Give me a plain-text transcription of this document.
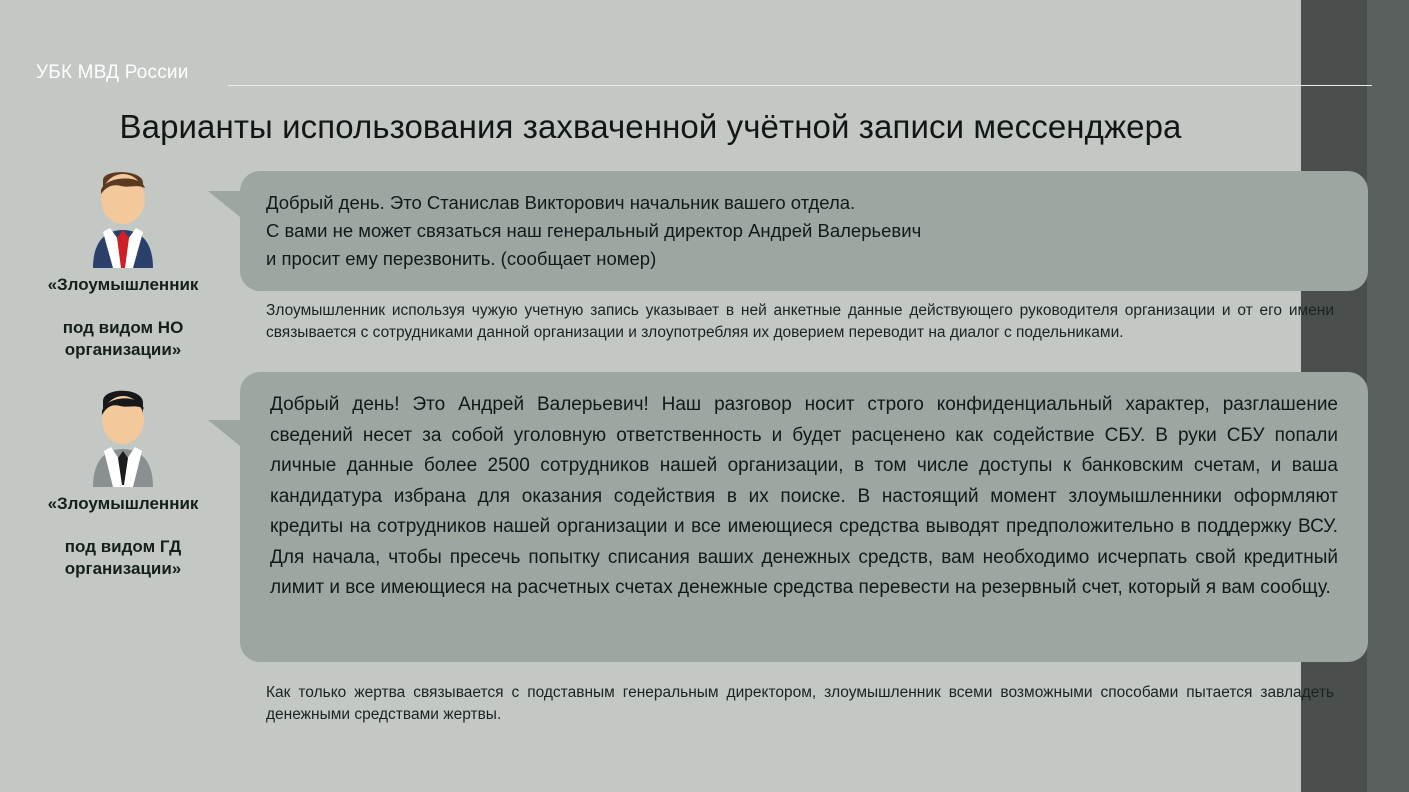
УБК МВД России
Варианты использования захваченной учётной записи мессенджера
«Злоумышленник
под видом НО организации»
«Злоумышленник
под видом ГД организации»

Добрый день. Это Станислав Викторович начальник вашего отдела.

С вами не может связаться наш генеральный директор Андрей Валерьевич

и просит ему перезвонить. (сообщает номер)

Злоумышленник используя чужую учетную запись указывает в ней анкетные данные действующего руководителя организации и от его имени связывается с сотрудниками данной организации и злоупотребляя их доверием переводит на диалог с подельниками.

Добрый день! Это Андрей Валерьевич! Наш разговор носит строго конфиденциальный характер, разглашение сведений несет за собой уголовную ответственность и будет расценено как содействие СБУ. В руки СБУ попали личные данные более 2500 сотрудников нашей организации, в том числе доступы к банковским счетам, и ваша кандидатура избрана для оказания содействия в их поиске. В настоящий момент злоумышленники оформляют кредиты на сотрудников нашей организации и все имеющиеся средства выводят предположительно в поддержку ВСУ. Для начала, чтобы пресечь попытку списания ваших денежных средств, вам необходимо исчерпать свой кредитный лимит и все имеющиеся на расчетных счетах денежные средства перевести на резервный счет, который я вам сообщу.

Как только жертва связывается с подставным генеральным директором, злоумышленник всеми возможными способами пытается завладеть денежными средствами жертвы.
